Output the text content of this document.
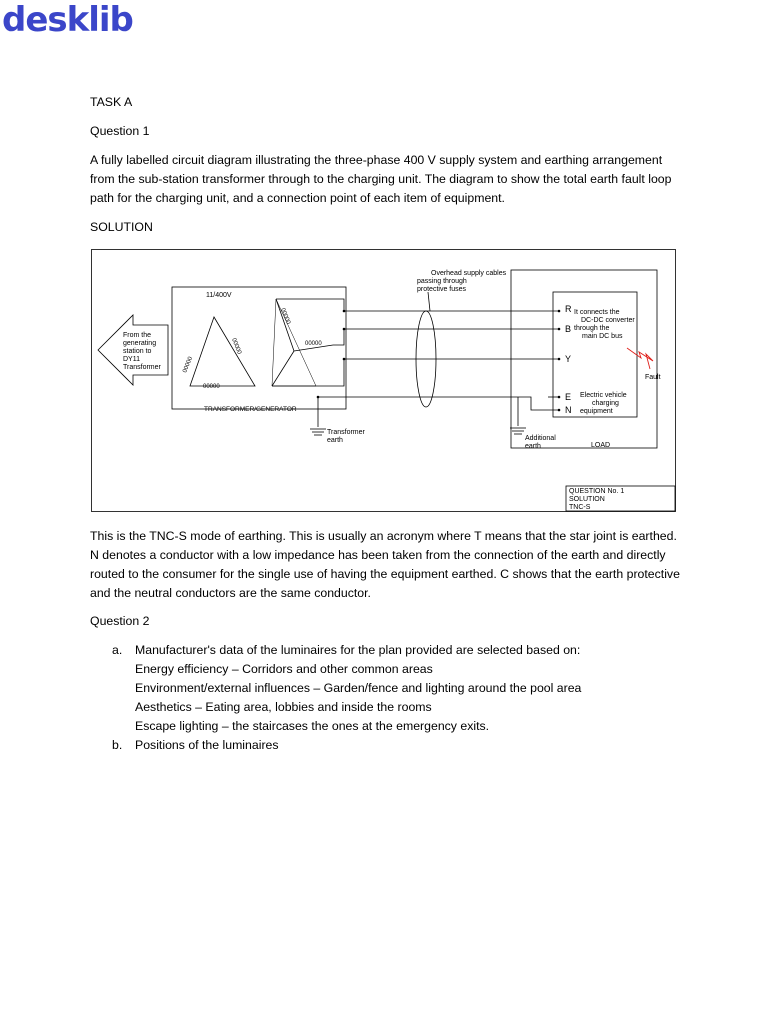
desklib

TASK A

Question 1

A fully labelled circuit diagram illustrating the three-phase 400 V supply system and earthing arrangement from the sub-station transformer through to the charging unit. The diagram to show the total earth fault loop path for the charging unit, and a connection point of each item of equipment.

SOLUTION

This is the TNC-S mode of earthing. This is usually an acronym where T means that the star joint is earthed. N denotes a conductor with a low impedance has been taken from the connection of the earth and directly routed to the consumer for the single use of having the equipment earthed. C shows that the earth protective and the neutral conductors are the same conductor.

Question 2

a. Manufacturer's data of the luminaires for the plan provided are selected based on:
Energy efficiency – Corridors and other common areas
Environment/external influences – Garden/fence and lighting around the pool area
Aesthetics – Eating area, lobbies and inside the rooms
Escape lighting – the staircases the ones at the emergency exits.
b. Positions of the luminaires
00000
00000
00000
00000
00000
From the
generating
station to
DY11
Transformer
11/400V
TRANSFORMER/GENERATOR
Overhead supply cables
passing through
protective fuses
R
B
Y
E
N
It connects the
DC-DC converter
through the
main DC bus
Fault
Electric vehicle
charging
equipment
Transformer
earth	Additional
earth	LOAD
QUESTION No. 1
SOLUTION
TNC-S
